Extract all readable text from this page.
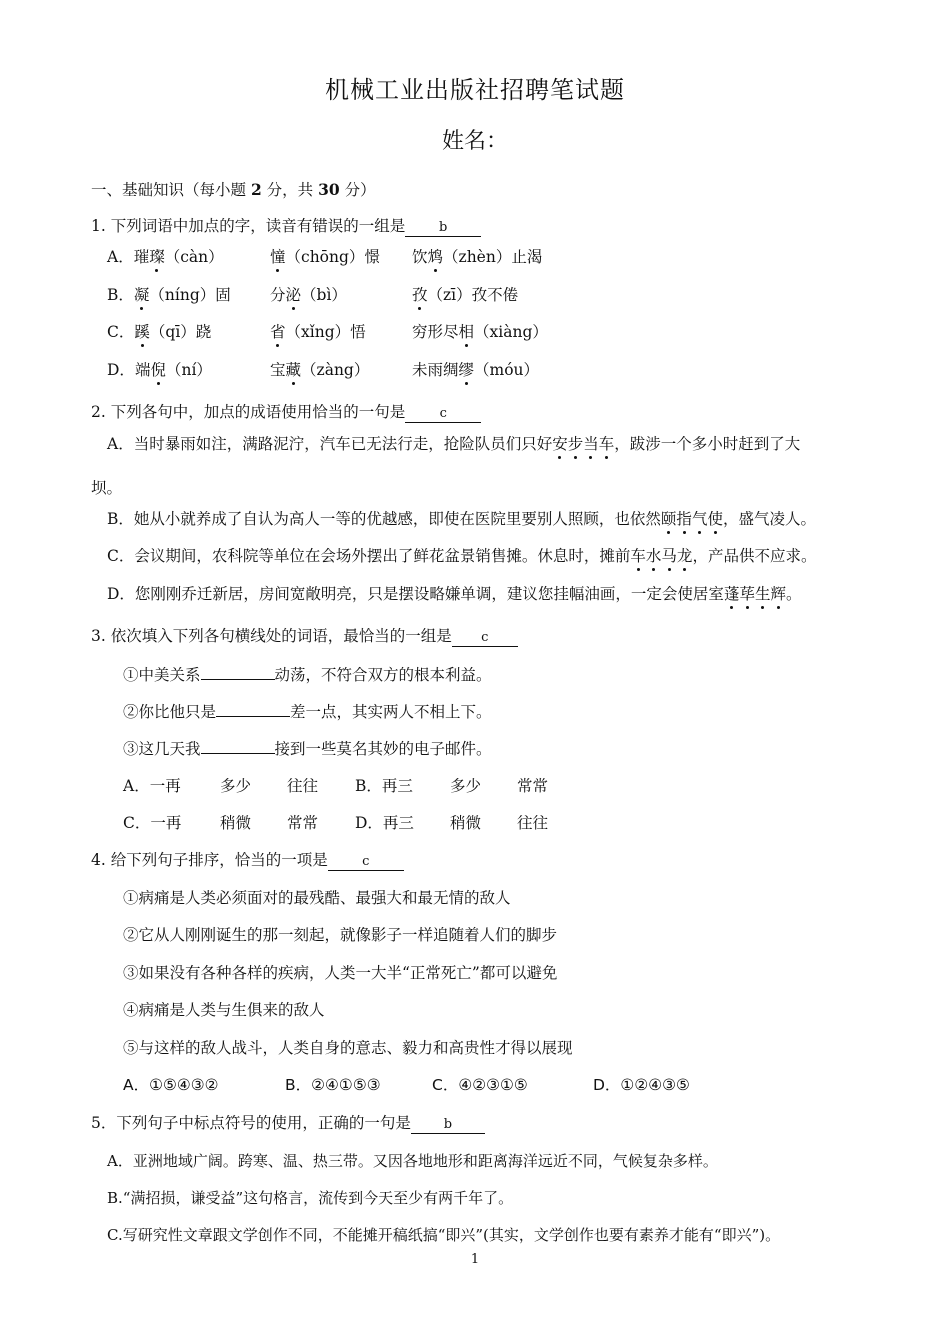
机械工业出版社招聘笔试题
姓名：
一、基础知识（每小题 2 分，共 30 分）
1. 下列词语中加点的字，读音有错误的一组是	b
A．璀璨（càn）	憧（chōng）憬 饮鸩（zhèn）止渴
B．凝（níng）固	分泌（bì）	孜（zī）孜不倦
C．蹊（qī）跷	省（xǐng）悟	穷形尽相（xiàng）
D．端倪（ní）	宝藏（zàng）	未雨绸缪（móu）
2. 下列各句中，加点的成语使用恰当的一句是	c
A．当时暴雨如注，满路泥泞，汽车已无法行走，抢险队员们只好安步当车，跋涉一个多小时赶到了大
坝。
B．她从小就养成了自认为高人一等的优越感，即使在医院里要别人照顾，也依然颐指气使，盛气凌人。
C．会议期间，农科院等单位在会场外摆出了鲜花盆景销售摊。休息时，摊前车水马龙，产品供不应求。
D．您刚刚乔迁新居，房间宽敞明亮，只是摆设略嫌单调，建议您挂幅油画，一定会使居室蓬荜生辉。
3. 依次填入下列各句横线处的词语，最恰当的一组是 c
①中美关系	动荡，不符合双方的根本利益。
②你比他只是	差一点，其实两人不相上下。
③这几天我	接到一些莫名其妙的电子邮件。
A．一再	多少 往往 B．再三 多少 常常
C．一再 稍微 常常 D．再三 稍微 往往
4. 给下列句子排序，恰当的一项是	c
①病痛是人类必须面对的最残酷、最强大和最无情的敌人
②它从人刚刚诞生的那一刻起，就像影子一样追随着人们的脚步
③如果没有各种各样的疾病，人类一大半“正常死亡”都可以避免
④病痛是人类与生俱来的敌人
⑤与这样的敌人战斗，人类自身的意志、毅力和高贵性才得以展现
A．①⑤④③②	B．②④①⑤③	C．④②③①⑤	D．①②④③⑤
5．下列句子中标点符号的使用，正确的一句是	b
A．亚洲地域广阔。跨寒、温、热三带。又因各地地形和距离海洋远近不同，气候复杂多样。
B.“满招损，谦受益”这句格言，流传到今天至少有两千年了。
C.写研究性文章跟文学创作不同，不能摊开稿纸搞“即兴”(其实，文学创作也要有素养才能有“即兴”)。
1
